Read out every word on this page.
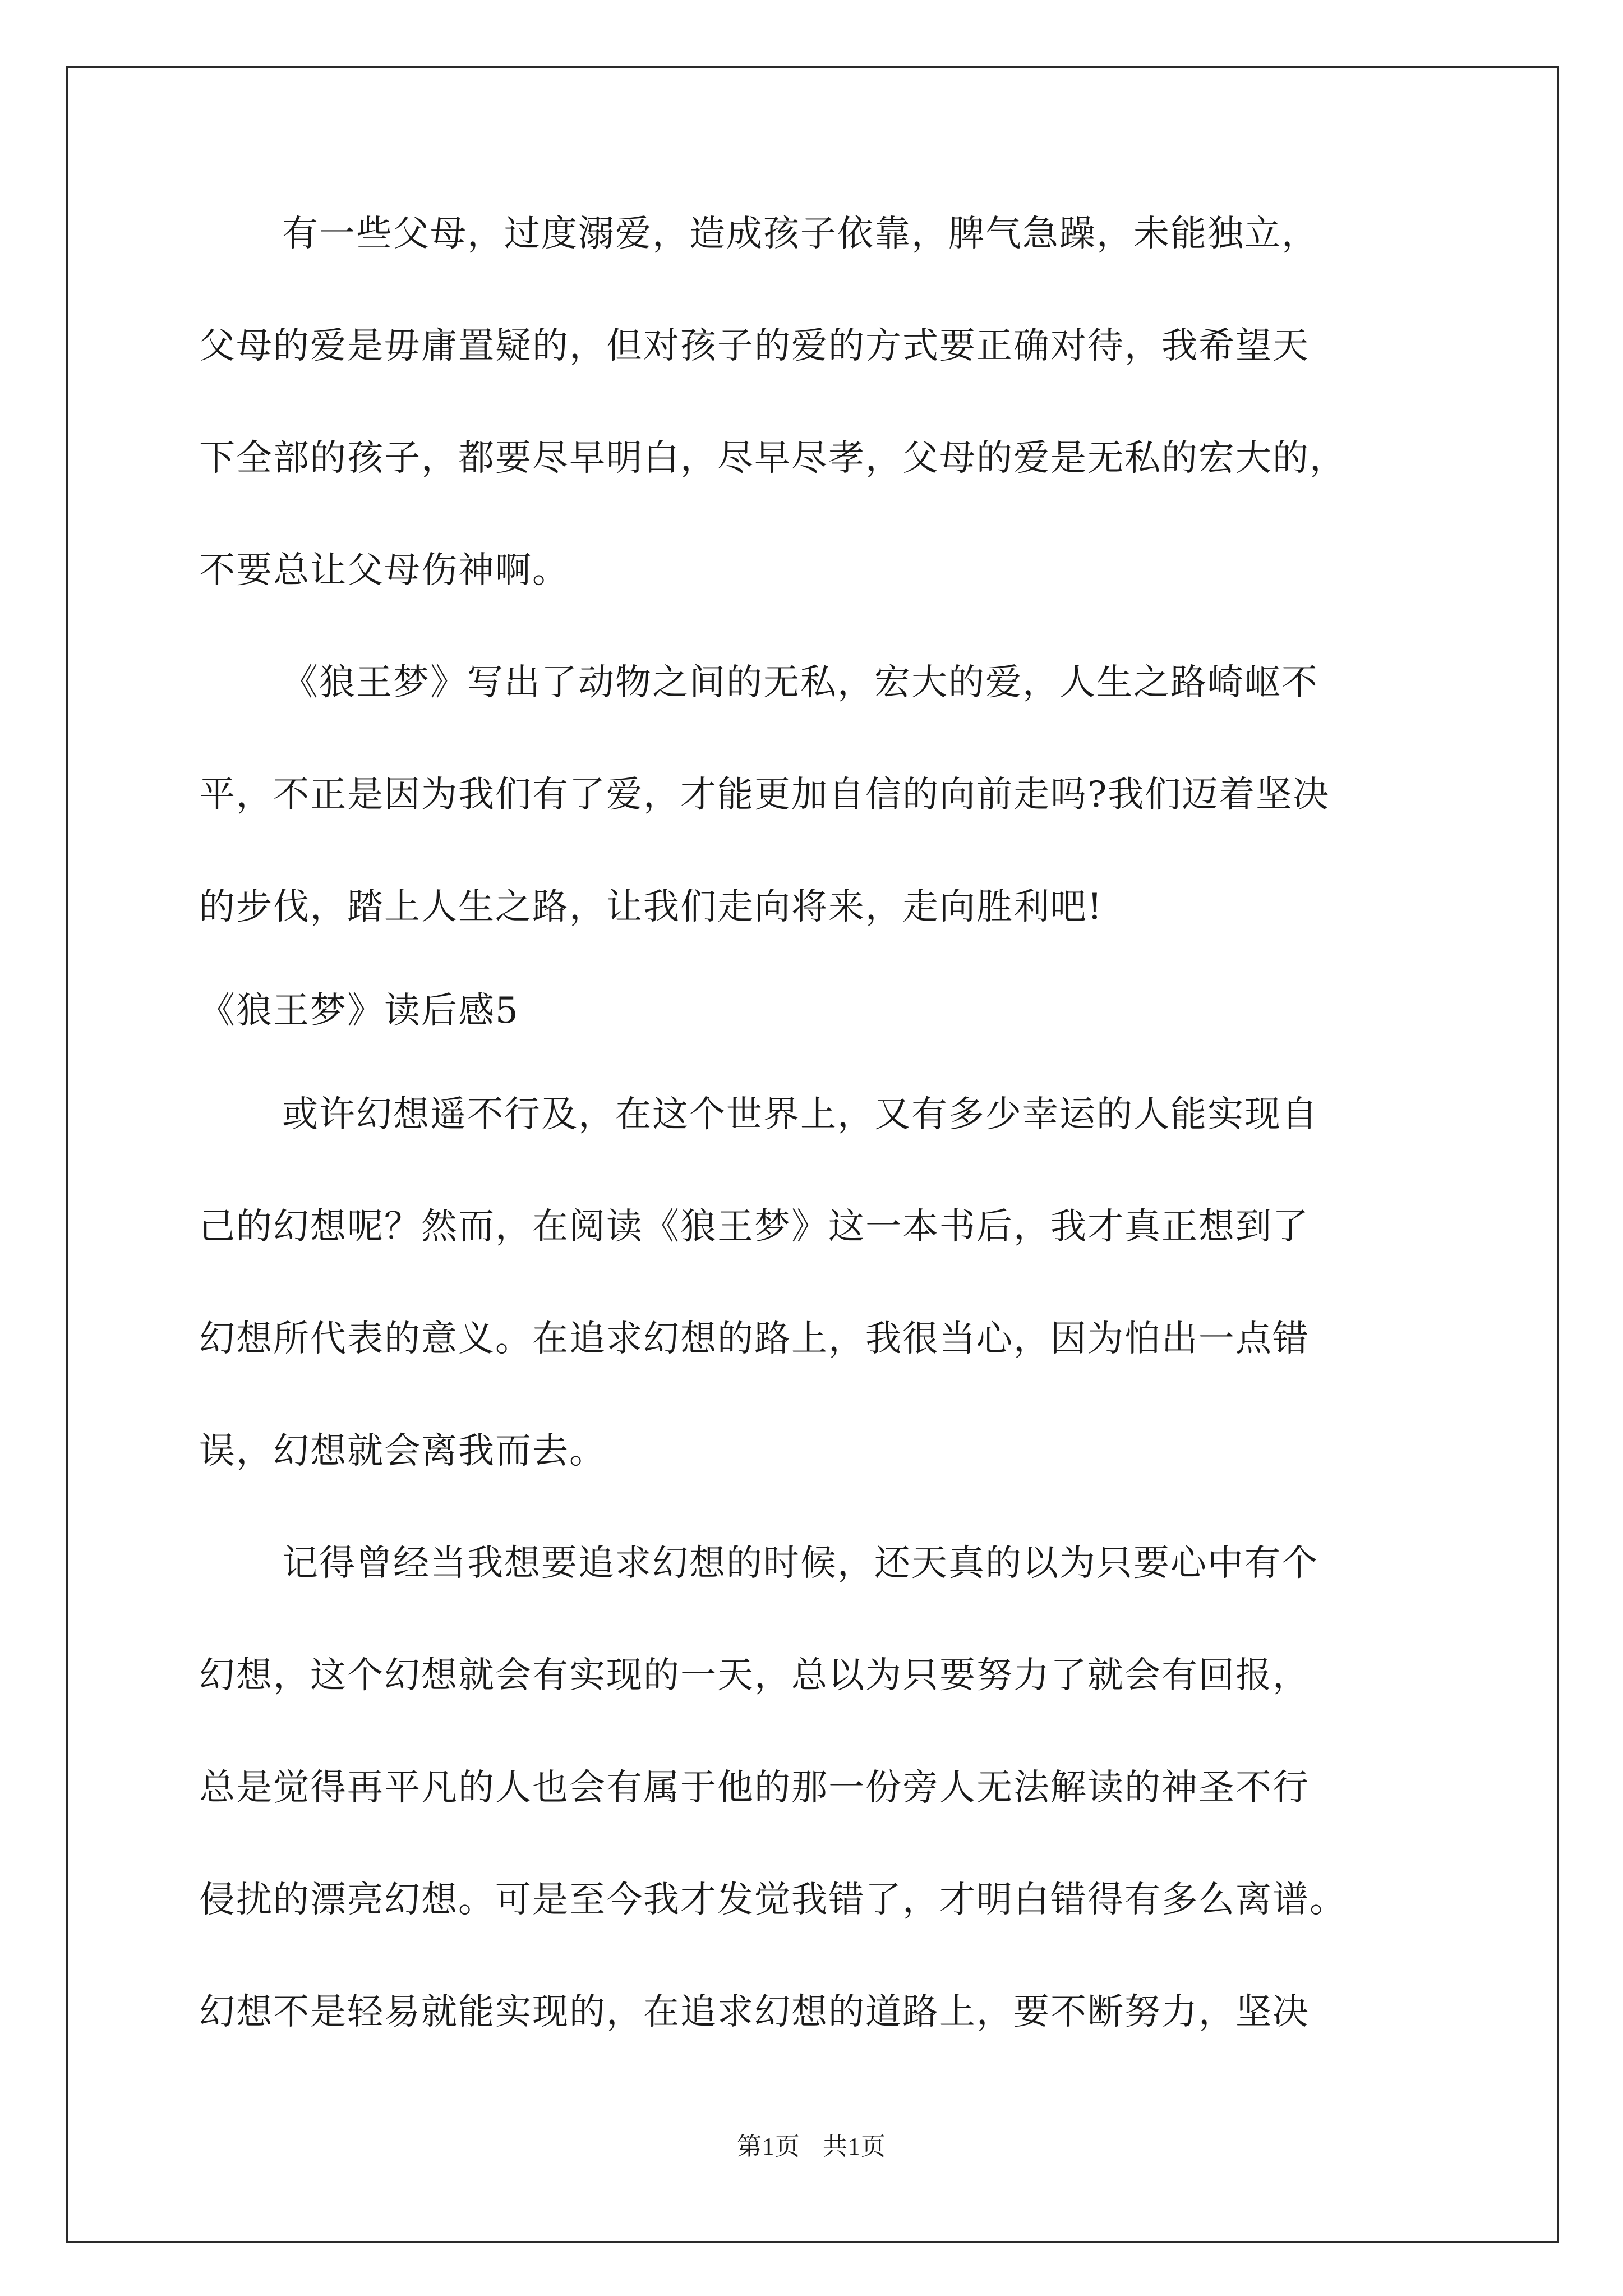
有一些父母，过度溺爱，造成孩子依靠，脾气急躁，未能独立，
父母的爱是毋庸置疑的，但对孩子的爱的方式要正确对待，我希望天
下全部的孩子，都要尽早明白，尽早尽孝，父母的爱是无私的宏大的，
不要总让父母伤神啊。
《狼王梦》写出了动物之间的无私，宏大的爱，人生之路崎岖不
平，不正是因为我们有了爱，才能更加自信的向前走吗?我们迈着坚决
的步伐，踏上人生之路，让我们走向将来，走向胜利吧!
《狼王梦》读后感5
或许幻想遥不行及，在这个世界上，又有多少幸运的人能实现自
己的幻想呢？然而，在阅读《狼王梦》这一本书后，我才真正想到了
幻想所代表的意义。在追求幻想的路上，我很当心，因为怕出一点错
误，幻想就会离我而去。
记得曾经当我想要追求幻想的时候，还天真的以为只要心中有个
幻想，这个幻想就会有实现的一天，总以为只要努力了就会有回报，
总是觉得再平凡的人也会有属于他的那一份旁人无法解读的神圣不行
侵扰的漂亮幻想。可是至今我才发觉我错了，才明白错得有多么离谱。
幻想不是轻易就能实现的，在追求幻想的道路上，要不断努力，坚决
第1页 共1页
